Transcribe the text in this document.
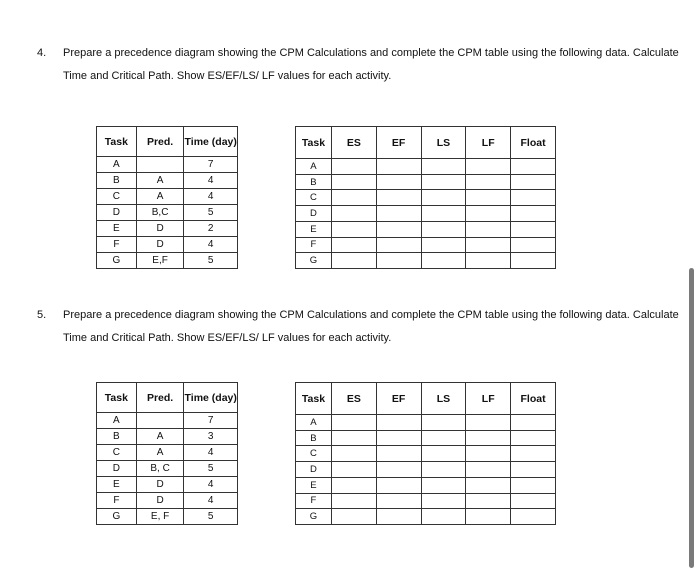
4. Prepare a precedence diagram showing the CPM Calculations and complete the CPM table using the following data. Calculate
Time and Critical Path. Show ES/EF/LS/ LF values for each activity.
Task	Pred.	Time (day)
A		7
B	A	4
C	A	4
D	B,C	5
E	D	2
F	D	4
G	E,F	5
Task	ES	EF	LS	LF	Float
A					
B					
C					
D					
E					
F					
G					
5. Prepare a precedence diagram showing the CPM Calculations and complete the CPM table using the following data. Calculate
Time and Critical Path. Show ES/EF/LS/ LF values for each activity.
Task	Pred.	Time (day)
A		7
B	A	3
C	A	4
D	B, C	5
E	D	4
F	D	4
G	E, F	5
Task	ES	EF	LS	LF	Float
A					
B					
C					
D					
E					
F					
G					
